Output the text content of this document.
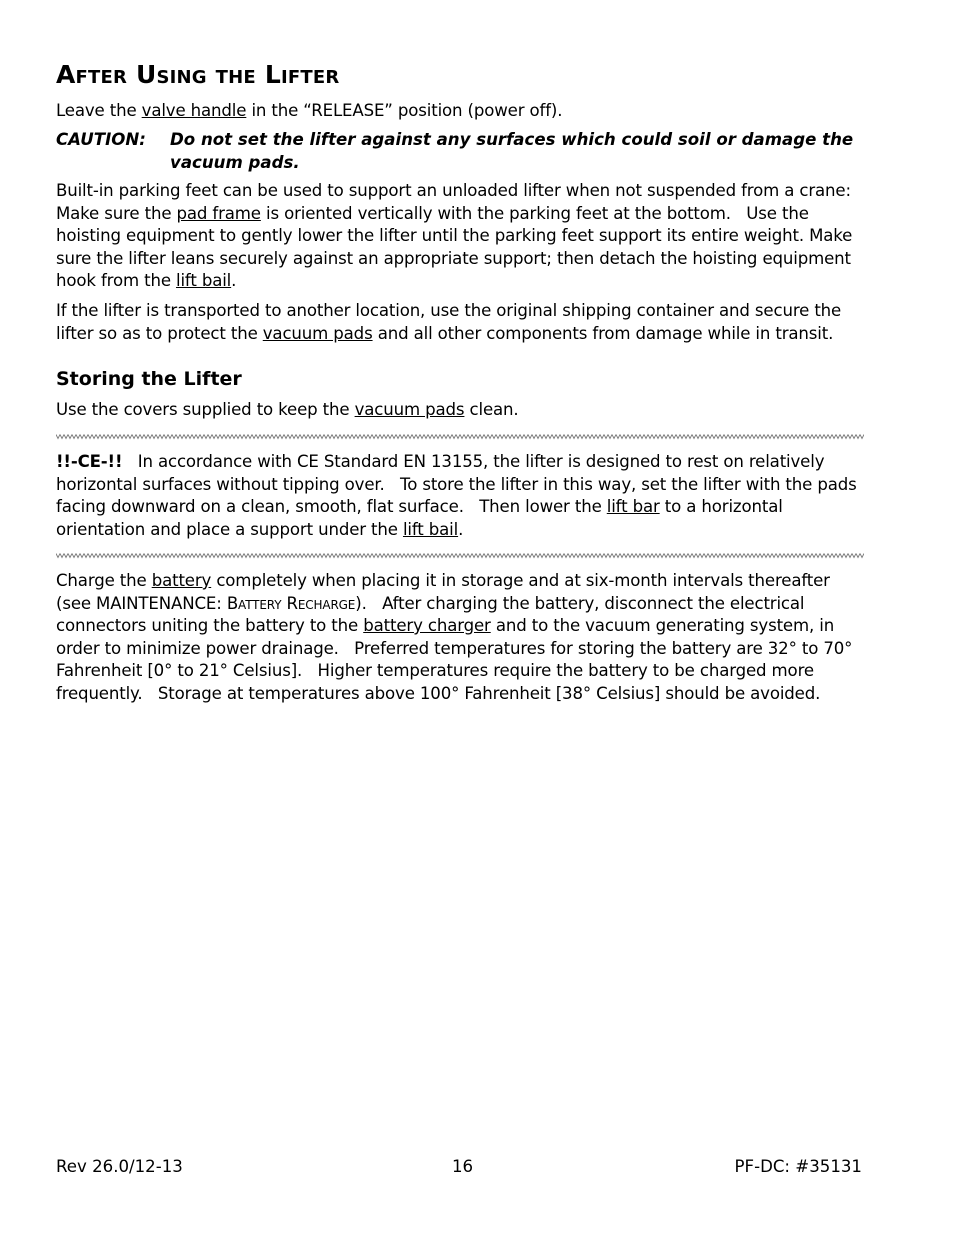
After Using the Lifter

Leave the valve handle in the “RELEASE” position (power off).

CAUTION:	Do not set the lifter against any surfaces which could soil or damage the vacuum pads.

Built-in parking feet can be used to support an unloaded lifter when not suspended from a crane: Make sure the pad frame is oriented vertically with the parking feet at the bottom.   Use the hoisting equipment to gently lower the lifter until the parking feet support its entire weight. Make sure the lifter leans securely against an appropriate support; then detach the hoisting equipment hook from the lift bail.

If the lifter is transported to another location, use the original shipping container and secure the lifter so as to protect the vacuum pads and all other components from damage while in transit.

Storing the Lifter

Use the covers supplied to keep the vacuum pads clean.

!!-CE-!!   In accordance with CE Standard EN 13155, the lifter is designed to rest on relatively horizontal surfaces without tipping over.   To store the lifter in this way, set the lifter with the pads facing downward on a clean, smooth, flat surface.   Then lower the lift bar to a horizontal orientation and place a support under the lift bail.

Charge the battery completely when placing it in storage and at six-month intervals thereafter (see MAINTENANCE: Battery Recharge).   After charging the battery, disconnect the electrical connectors uniting the battery to the battery charger and to the vacuum generating system, in order to minimize power drainage.   Preferred temperatures for storing the battery are 32° to 70° Fahrenheit [0° to 21° Celsius].   Higher temperatures require the battery to be charged more frequently.   Storage at temperatures above 100° Fahrenheit [38° Celsius] should be avoided.

Rev 26.0/12-13	16	PF-DC: #35131
